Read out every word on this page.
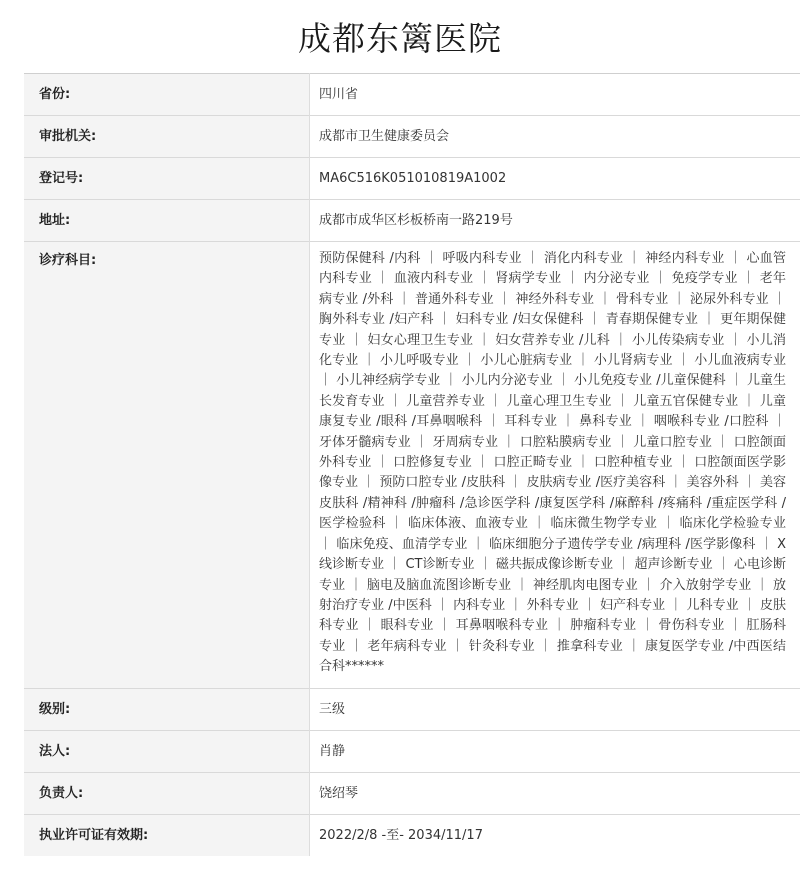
成都东篱医院
省份:	四川省
审批机关:	成都市卫生健康委员会
登记号:	MA6C516K051010819A1002
地址:	成都市成华区杉板桥南一路219号
诊疗科目:	预防保健科 /内科 ｜ 呼吸内科专业 ｜ 消化内科专业 ｜ 神经内科专业 ｜ 心血管内科专业 ｜ 血液内科专业 ｜ 肾病学专业 ｜ 内分泌专业 ｜ 免疫学专业 ｜ 老年病专业 /外科 ｜ 普通外科专业 ｜ 神经外科专业 ｜ 骨科专业 ｜ 泌尿外科专业 ｜ 胸外科专业 /妇产科 ｜ 妇科专业 /妇女保健科 ｜ 青春期保健专业 ｜ 更年期保健专业 ｜ 妇女心理卫生专业 ｜ 妇女营养专业 /儿科 ｜ 小儿传染病专业 ｜ 小儿消化专业 ｜ 小儿呼吸专业 ｜ 小儿心脏病专业 ｜ 小儿肾病专业 ｜ 小儿血液病专业 ｜ 小儿神经病学专业 ｜ 小儿内分泌专业 ｜ 小儿免疫专业 /儿童保健科 ｜ 儿童生长发育专业 ｜ 儿童营养专业 ｜ 儿童心理卫生专业 ｜ 儿童五官保健专业 ｜ 儿童康复专业 /眼科 /耳鼻咽喉科 ｜ 耳科专业 ｜ 鼻科专业 ｜ 咽喉科专业 /口腔科 ｜ 牙体牙髓病专业 ｜ 牙周病专业 ｜ 口腔粘膜病专业 ｜ 儿童口腔专业 ｜ 口腔颌面外科专业 ｜ 口腔修复专业 ｜ 口腔正畸专业 ｜ 口腔种植专业 ｜ 口腔颌面医学影像专业 ｜ 预防口腔专业 /皮肤科 ｜ 皮肤病专业 /医疗美容科 ｜ 美容外科 ｜ 美容皮肤科 /精神科 /肿瘤科 /急诊医学科 /康复医学科 /麻醉科 /疼痛科 /重症医学科 /医学检验科 ｜ 临床体液、血液专业 ｜ 临床微生物学专业 ｜ 临床化学检验专业 ｜ 临床免疫、血清学专业 ｜ 临床细胞分子遗传学专业 /病理科 /医学影像科 ｜ X线诊断专业 ｜ CT诊断专业 ｜ 磁共振成像诊断专业 ｜ 超声诊断专业 ｜ 心电诊断专业 ｜ 脑电及脑血流图诊断专业 ｜ 神经肌肉电图专业 ｜ 介入放射学专业 ｜ 放射治疗专业 /中医科 ｜ 内科专业 ｜ 外科专业 ｜ 妇产科专业 ｜ 儿科专业 ｜ 皮肤科专业 ｜ 眼科专业 ｜ 耳鼻咽喉科专业 ｜ 肿瘤科专业 ｜ 骨伤科专业 ｜ 肛肠科专业 ｜ 老年病科专业 ｜ 针灸科专业 ｜ 推拿科专业 ｜ 康复医学专业 /中西医结合科******
级别:	三级
法人:	肖静
负责人:	饶绍琴
执业许可证有效期:	2022/2/8 -至- 2034/11/17
